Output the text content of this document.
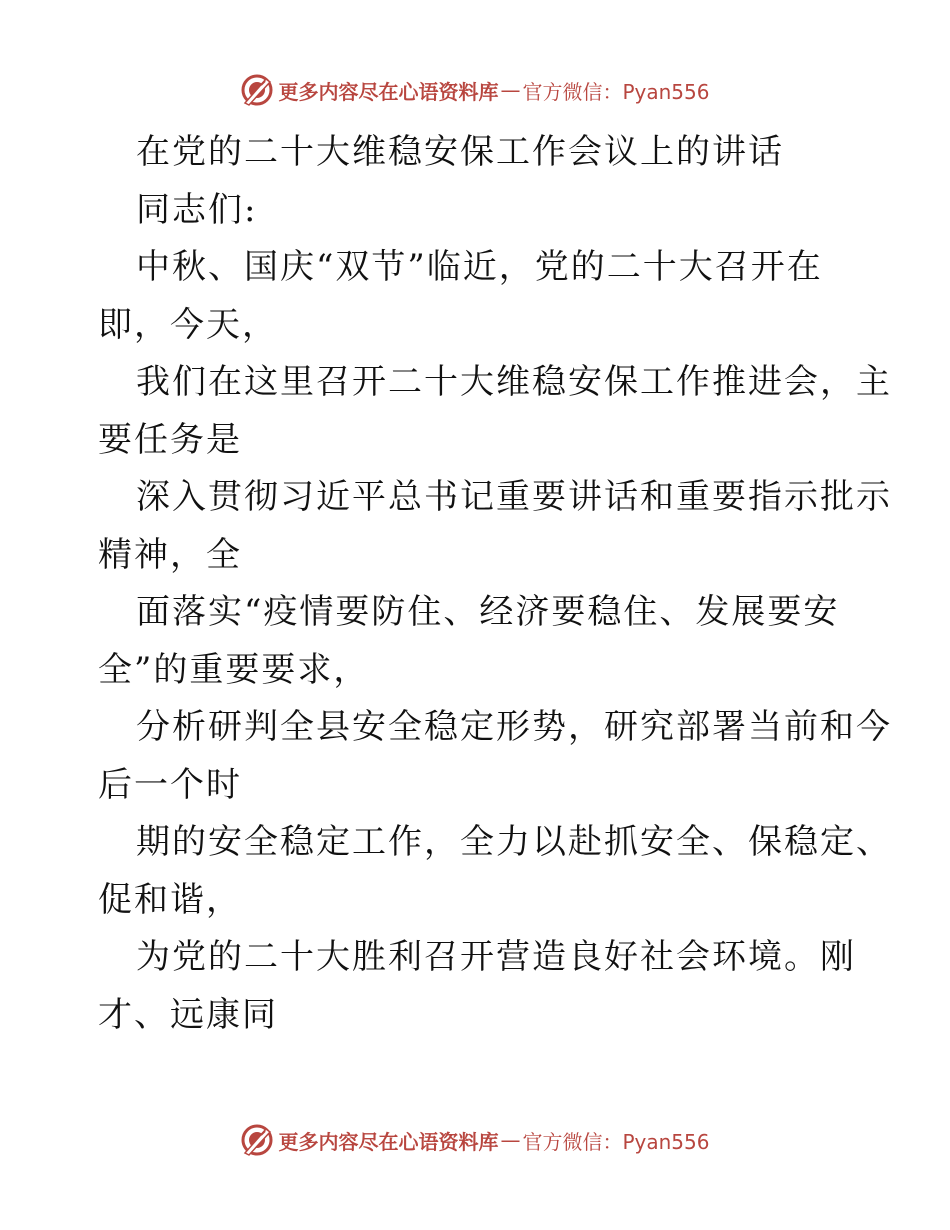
更多内容尽在心语资料库 — 官方微信：Pyan556
在党的二十大维稳安保工作会议上的讲话
同志们:
中秋、国庆“双节”临近，党的二十大召开在
即，今天，
我们在这里召开二十大维稳安保工作推进会，主
要任务是
深入贯彻习近平总书记重要讲话和重要指示批示
精神，全
面落实“疫情要防住、经济要稳住、发展要安
全”的重要要求，
分析研判全县安全稳定形势，研究部署当前和今
后一个时
期的安全稳定工作，全力以赴抓安全、保稳定、
促和谐，
为党的二十大胜利召开营造良好社会环境。刚
才、远康同
更多内容尽在心语资料库 — 官方微信：Pyan556
